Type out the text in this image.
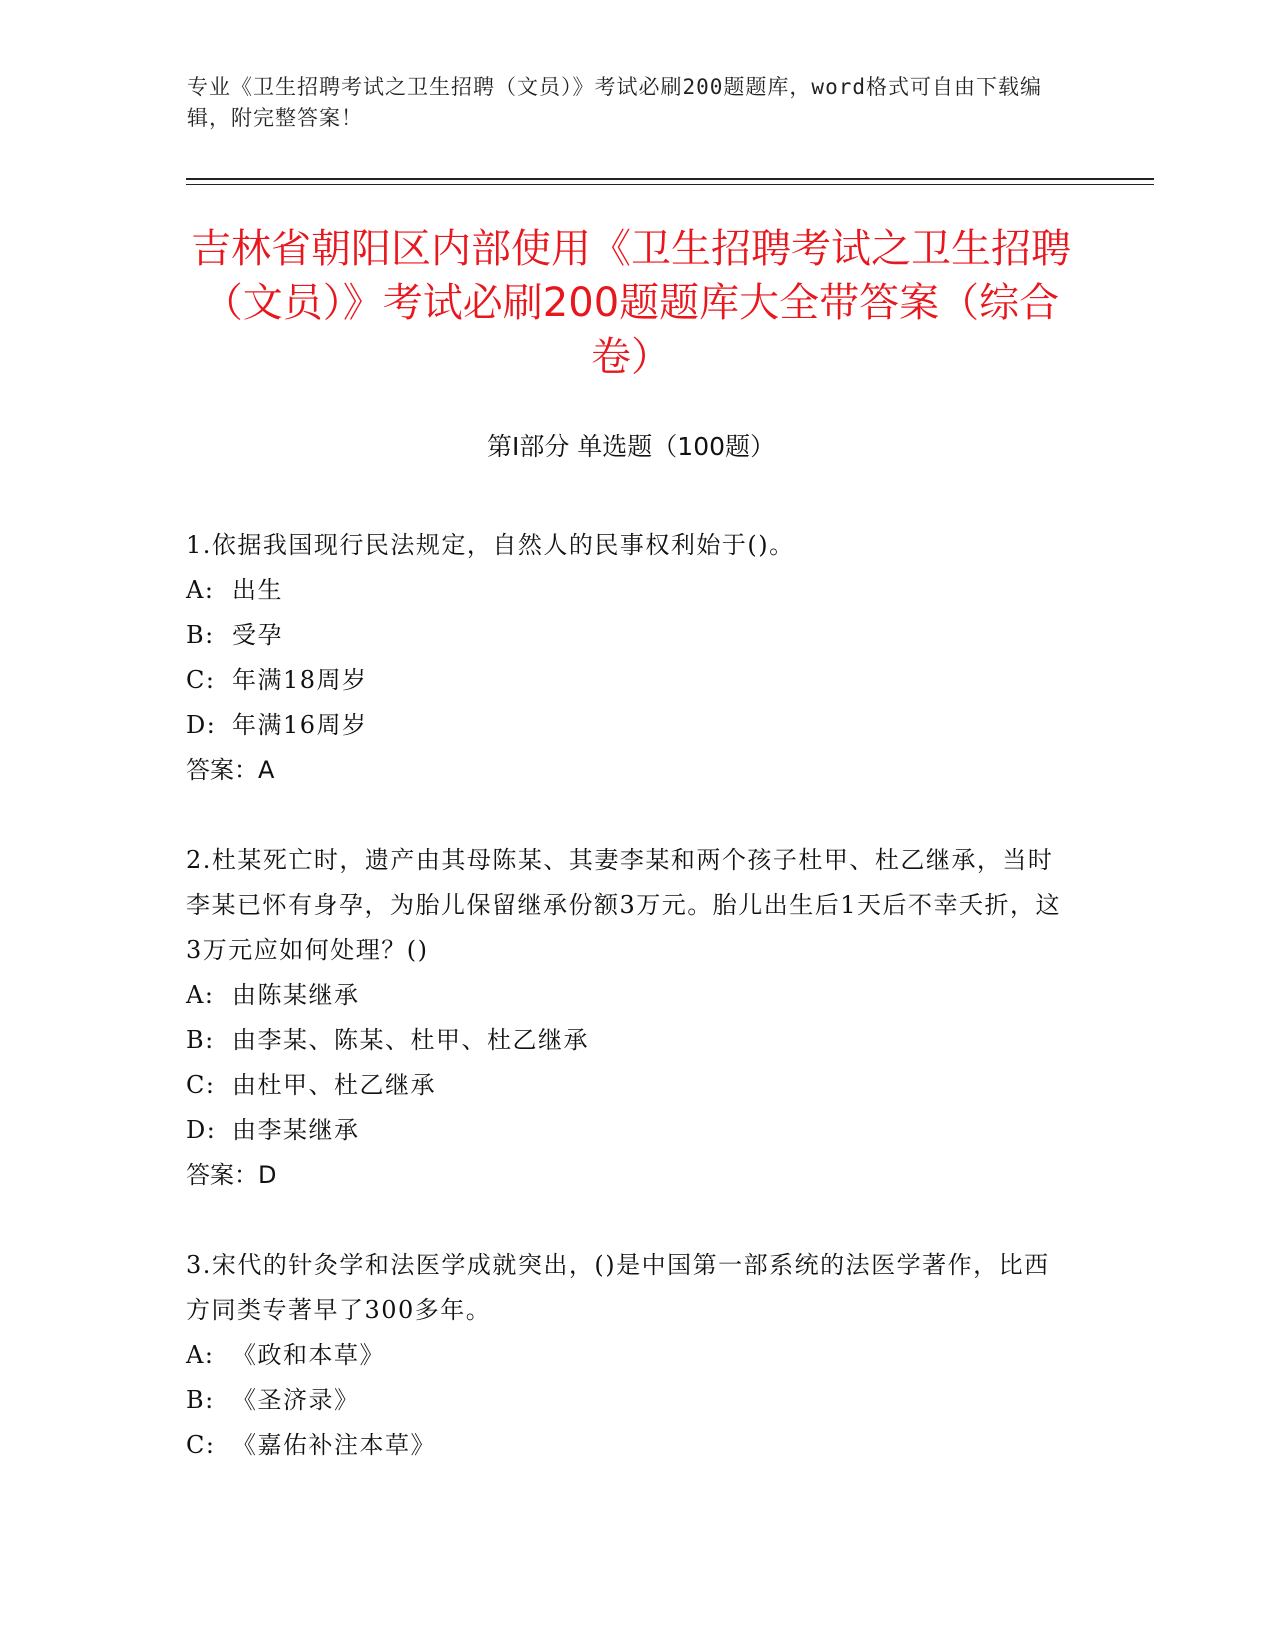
专业《卫生招聘考试之卫生招聘（文员）》考试必刷200题题库，word格式可自由下载编辑，附完整答案！
吉林省朝阳区内部使用《卫生招聘考试之卫生招聘（文员）》考试必刷200题题库大全带答案（综合卷）
第I部分 单选题（100题）
1.依据我国现行民法规定，自然人的民事权利始于()。
A: 出生
B: 受孕
C: 年满18周岁
D: 年满16周岁
答案：A
2.杜某死亡时，遗产由其母陈某、其妻李某和两个孩子杜甲、杜乙继承，当时李某已怀有身孕，为胎儿保留继承份额3万元。胎儿出生后1天后不幸夭折，这3万元应如何处理？()
A: 由陈某继承
B: 由李某、陈某、杜甲、杜乙继承
C: 由杜甲、杜乙继承
D: 由李某继承
答案：D
3.宋代的针灸学和法医学成就突出，()是中国第一部系统的法医学著作，比西方同类专著早了300多年。
A: 《政和本草》
B: 《圣济录》
C: 《嘉佑补注本草》
